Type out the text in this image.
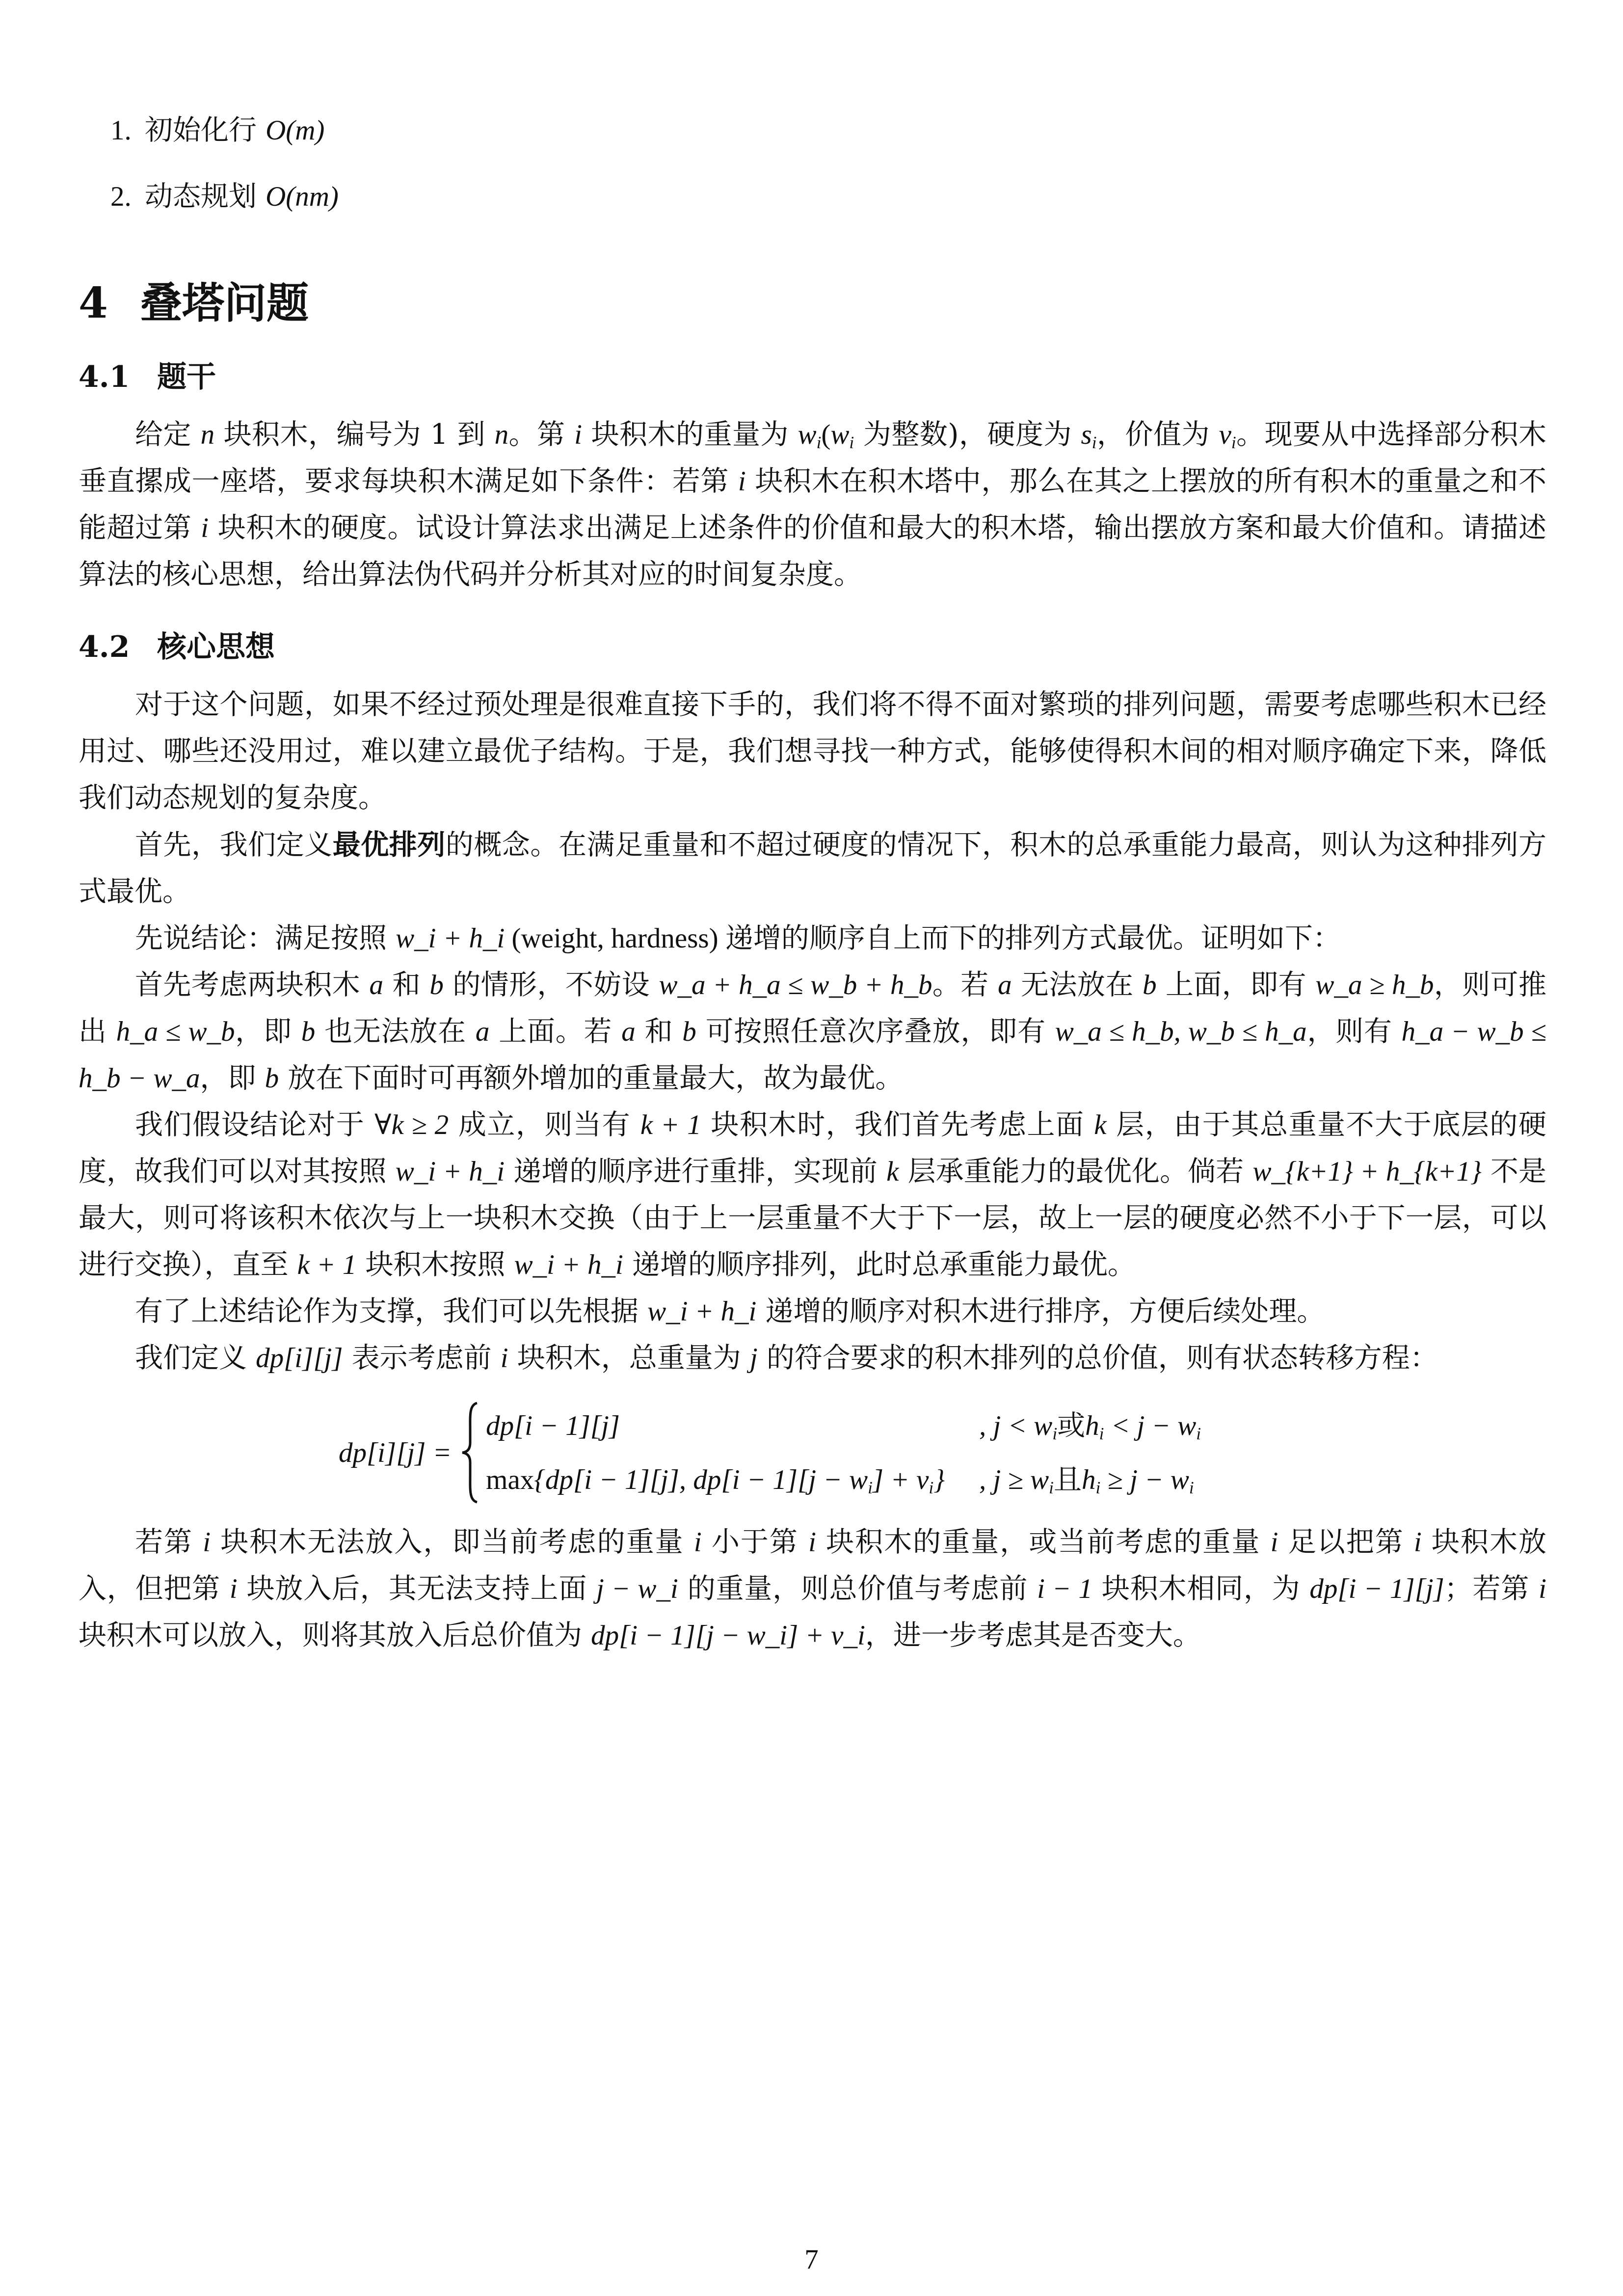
1. 初始化行 O(m)
2. 动态规划 O(nm)
4 叠塔问题
4.1 题干
给定 n 块积木，编号为 1 到 n。第 i 块积木的重量为 $w_i(w_i$ 为整数)，硬度为 $s_i$，价值为 $v_i$。现要从中选择部分积木垂直摞成一座塔，要求每块积木满足如下条件：若第 i 块积木在积木塔中，那么在其之上摆放的所有积木的重量之和不能超过第 i 块积木的硬度。试设计算法求出满足上述条件的价值和最大的积木塔，输出摆放方案和最大价值和。请描述算法的核心思想，给出算法伪代码并分析其对应的时间复杂度。
4.2 核心思想
对于这个问题，如果不经过预处理是很难直接下手的，我们将不得不面对繁琐的排列问题，需要考虑哪些积木已经用过、哪些还没用过，难以建立最优子结构。于是，我们想寻找一种方式，能够使得积木间的相对顺序确定下来，降低我们动态规划的复杂度。
首先，我们定义最优排列的概念。在满足重量和不超过硬度的情况下，积木的总承重能力最高，则认为这种排列方式最优。
先说结论：满足按照 w_i + h_i (weight, hardness) 递增的顺序自上而下的排列方式最优。证明如下：
首先考虑两块积木 a 和 b 的情形，不妨设 w_a + h_a ≤ w_b + h_b。若 a 无法放在 b 上面，即有 w_a ≥ h_b，则可推出 h_a ≤ w_b，即 b 也无法放在 a 上面。若 a 和 b 可按照任意次序叠放，即有 w_a ≤ h_b, w_b ≤ h_a，则有 h_a − w_b ≤ h_b − w_a，即 b 放在下面时可再额外增加的重量最大，故为最优。
我们假设结论对于 ∀k ≥ 2 成立，则当有 k + 1 块积木时，我们首先考虑上面 k 层，由于其总重量不大于底层的硬度，故我们可以对其按照 w_i + h_i 递增的顺序进行重排，实现前 k 层承重能力的最优化。倘若 w_{k+1} + h_{k+1} 不是最大，则可将该积木依次与上一块积木交换（由于上一层重量不大于下一层，故上一层的硬度必然不小于下一层，可以进行交换），直至 k + 1 块积木按照 w_i + h_i 递增的顺序排列，此时总承重能力最优。
有了上述结论作为支撑，我们可以先根据 w_i + h_i 递增的顺序对积木进行排序，方便后续处理。
我们定义 dp[i][j] 表示考虑前 i 块积木，总重量为 j 的符合要求的积木排列的总价值，则有状态转移方程：
dp[i][j] =
dp[i − 1][j]	, $j < w_i$或$h_i < j - w_i$
max{dp[i − 1][j], $dp[i - 1][j - w_i] + v_i$} , $j \ge w_i$且$h_i \ge j - w_i$
若第 i 块积木无法放入，即当前考虑的重量 i 小于第 i 块积木的重量，或当前考虑的重量 i 足以把第 i 块积木放入，但把第 i 块放入后，其无法支持上面 j − w_i 的重量，则总价值与考虑前 i − 1 块积木相同，为 dp[i − 1][j]；若第 i 块积木可以放入，则将其放入后总价值为 dp[i − 1][j − w_i] + v_i，进一步考虑其是否变大。
7
